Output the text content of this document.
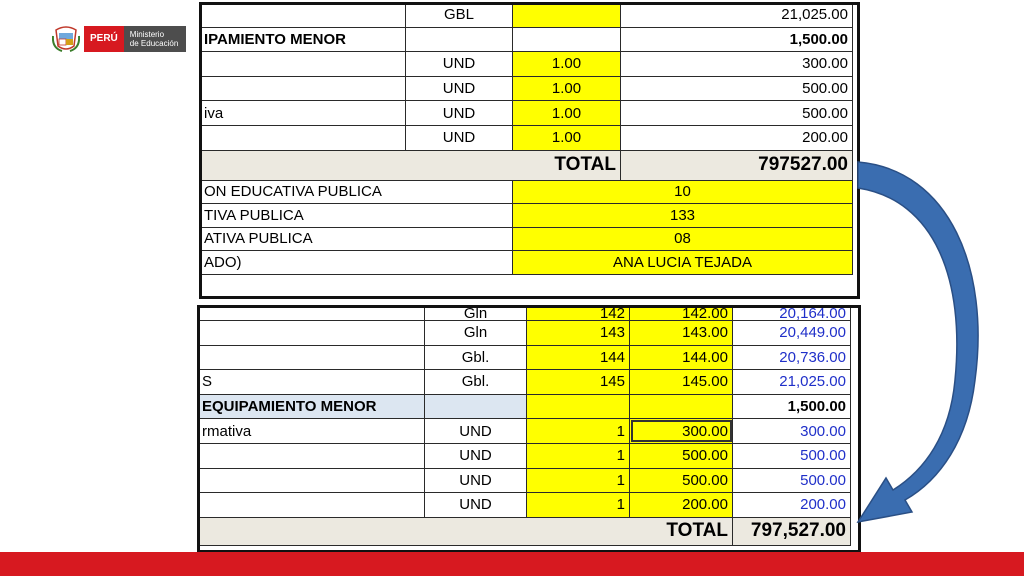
PERÚ	Ministerio
de Educación
	GBL		21,025.00
IPAMIENTO MENOR			1,500.00
	UND	1.00	300.00
	UND	1.00	500.00
iva	UND	1.00	500.00
	UND	1.00	200.00
TOTAL			797527.00
ON EDUCATIVA PUBLICA		10	
TIVA PUBLICA		133	
ATIVA PUBLICA		08	
ADO)		ANA LUCIA TEJADA	
	Gln	142	142.00	20,164.00
	Gln	143	143.00	20,449.00
	Gbl.	144	144.00	20,736.00
S	Gbl.	145	145.00	21,025.00
EQUIPAMIENTO MENOR				1,500.00
rmativa	UND	1	300.00	300.00
	UND	1	500.00	500.00
	UND	1	500.00	500.00
	UND	1	200.00	200.00
TOTAL				797,527.00
